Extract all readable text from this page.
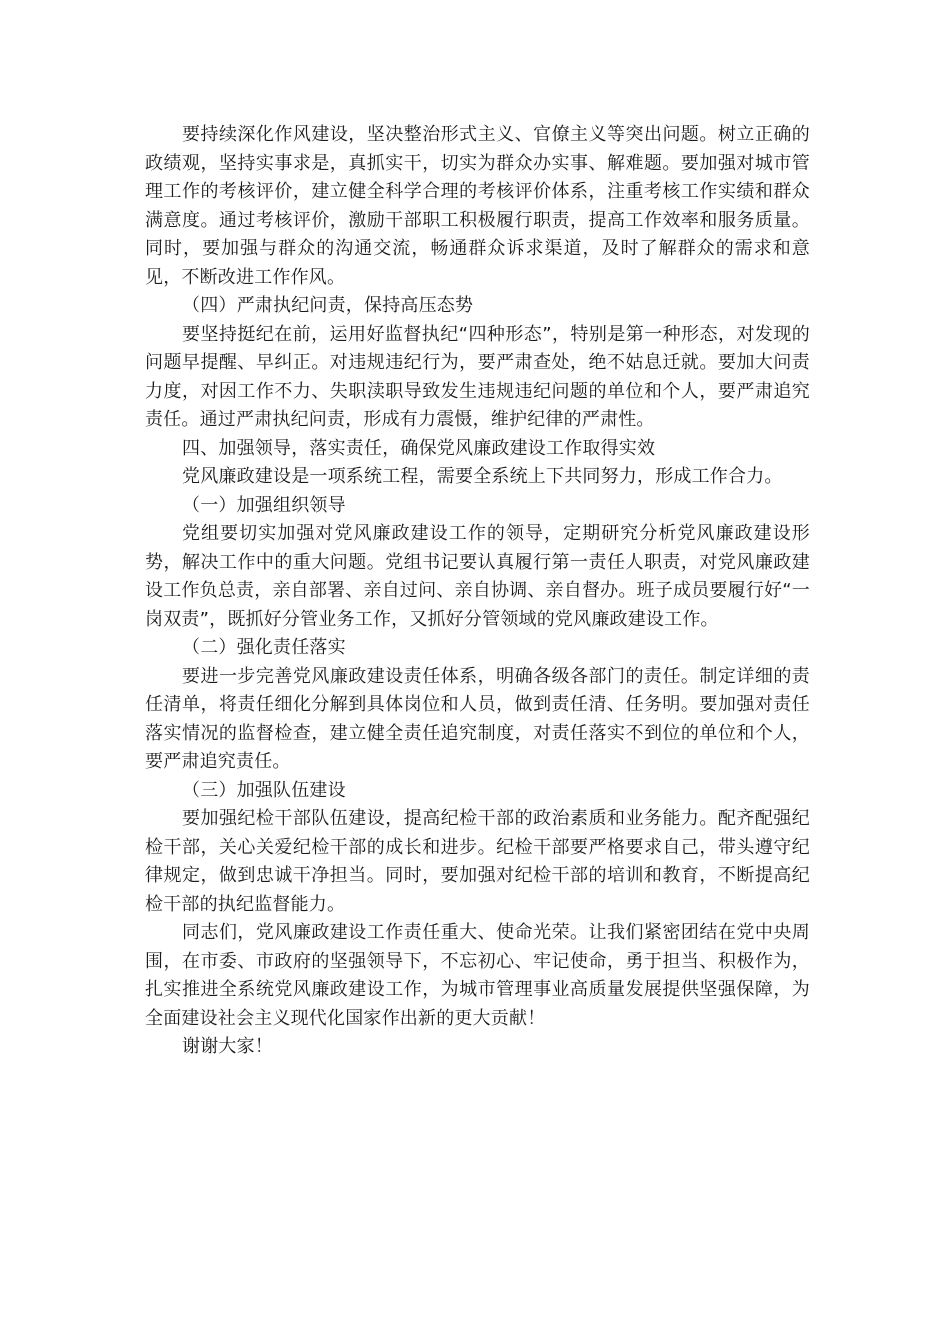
要持续深化作风建设，坚决整治形式主义、官僚主义等突出问题。树立正确的政绩观，坚持实事求是，真抓实干，切实为群众办实事、解难题。要加强对城市管理工作的考核评价，建立健全科学合理的考核评价体系，注重考核工作实绩和群众满意度。通过考核评价，激励干部职工积极履行职责，提高工作效率和服务质量。同时，要加强与群众的沟通交流，畅通群众诉求渠道，及时了解群众的需求和意见，不断改进工作作风。

（四）严肃执纪问责，保持高压态势

要坚持挺纪在前，运用好监督执纪“四种形态”，特别是第一种形态，对发现的问题早提醒、早纠正。对违规违纪行为，要严肃查处，绝不姑息迁就。要加大问责力度，对因工作不力、失职渎职导致发生违规违纪问题的单位和个人，要严肃追究责任。通过严肃执纪问责，形成有力震慑，维护纪律的严肃性。

四、加强领导，落实责任，确保党风廉政建设工作取得实效

党风廉政建设是一项系统工程，需要全系统上下共同努力，形成工作合力。

（一）加强组织领导

党组要切实加强对党风廉政建设工作的领导，定期研究分析党风廉政建设形势，解决工作中的重大问题。党组书记要认真履行第一责任人职责，对党风廉政建设工作负总责，亲自部署、亲自过问、亲自协调、亲自督办。班子成员要履行好“一岗双责”，既抓好分管业务工作，又抓好分管领域的党风廉政建设工作。

（二）强化责任落实

要进一步完善党风廉政建设责任体系，明确各级各部门的责任。制定详细的责任清单，将责任细化分解到具体岗位和人员，做到责任清、任务明。要加强对责任落实情况的监督检查，建立健全责任追究制度，对责任落实不到位的单位和个人，要严肃追究责任。

（三）加强队伍建设

要加强纪检干部队伍建设，提高纪检干部的政治素质和业务能力。配齐配强纪检干部，关心关爱纪检干部的成长和进步。纪检干部要严格要求自己，带头遵守纪律规定，做到忠诚干净担当。同时，要加强对纪检干部的培训和教育，不断提高纪检干部的执纪监督能力。

同志们，党风廉政建设工作责任重大、使命光荣。让我们紧密团结在党中央周围，在市委、市政府的坚强领导下，不忘初心、牢记使命，勇于担当、积极作为，扎实推进全系统党风廉政建设工作，为城市管理事业高质量发展提供坚强保障，为全面建设社会主义现代化国家作出新的更大贡献！

谢谢大家！
